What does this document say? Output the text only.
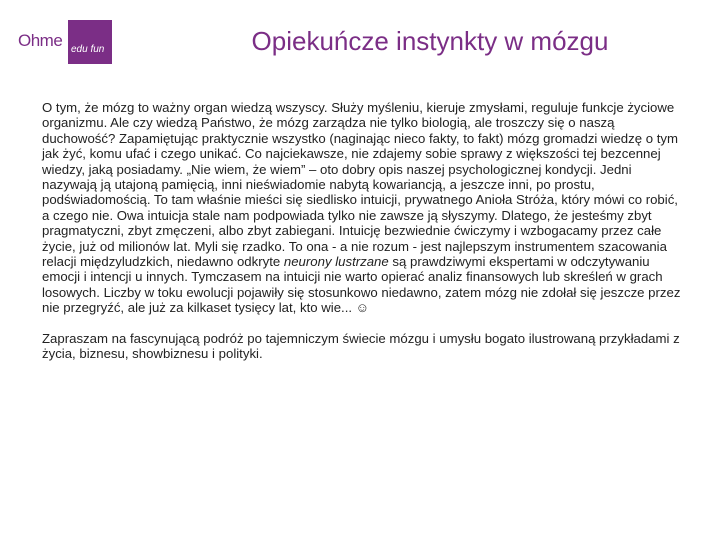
Ohme edu fun	Opiekuńcze instynkty w mózgu

O tym, że mózg to ważny organ wiedzą wszyscy. Służy myśleniu, kieruje zmysłami, reguluje funkcje życiowe organizmu. Ale czy wiedzą Państwo, że mózg zarządza nie tylko biologią, ale troszczy się o naszą duchowość? Zapamiętując praktycznie wszystko (naginając nieco fakty, to fakt) mózg gromadzi wiedzę o tym jak żyć, komu ufać i czego unikać. Co najciekawsze, nie zdajemy sobie sprawy z większości tej bezcennej wiedzy, jaką posiadamy. „Nie wiem, że wiem” – oto dobry opis naszej psychologicznej kondycji. Jedni nazywają ją utajoną pamięcią, inni nieświadomie nabytą kowariancją, a jeszcze inni, po prostu, podświadomością. To tam właśnie mieści się siedlisko intuicji, prywatnego Anioła Stróża, który mówi co robić, a czego nie. Owa intuicja stale nam podpowiada tylko nie zawsze ją słyszymy. Dlatego, że jesteśmy zbyt pragmatyczni, zbyt zmęczeni, albo zbyt zabiegani. Intuicję bezwiednie ćwiczymy i wzbogacamy przez całe życie, już od milionów lat. Myli się rzadko. To ona - a nie rozum - jest najlepszym instrumentem szacowania relacji międzyludzkich, niedawno odkryte neurony lustrzane są prawdziwymi ekspertami w odczytywaniu emocji i intencji u innych. Tymczasem na intuicji nie warto opierać analiz finansowych lub skreśleń w grach losowych. Liczby w toku ewolucji pojawiły się stosunkowo niedawno, zatem mózg nie zdołał się jeszcze przez nie przegryźć, ale już za kilkaset tysięcy lat, kto wie... ☺

Zapraszam na fascynującą podróż po tajemniczym świecie mózgu i umysłu bogato ilustrowaną przykładami z życia, biznesu, showbiznesu i polityki.
